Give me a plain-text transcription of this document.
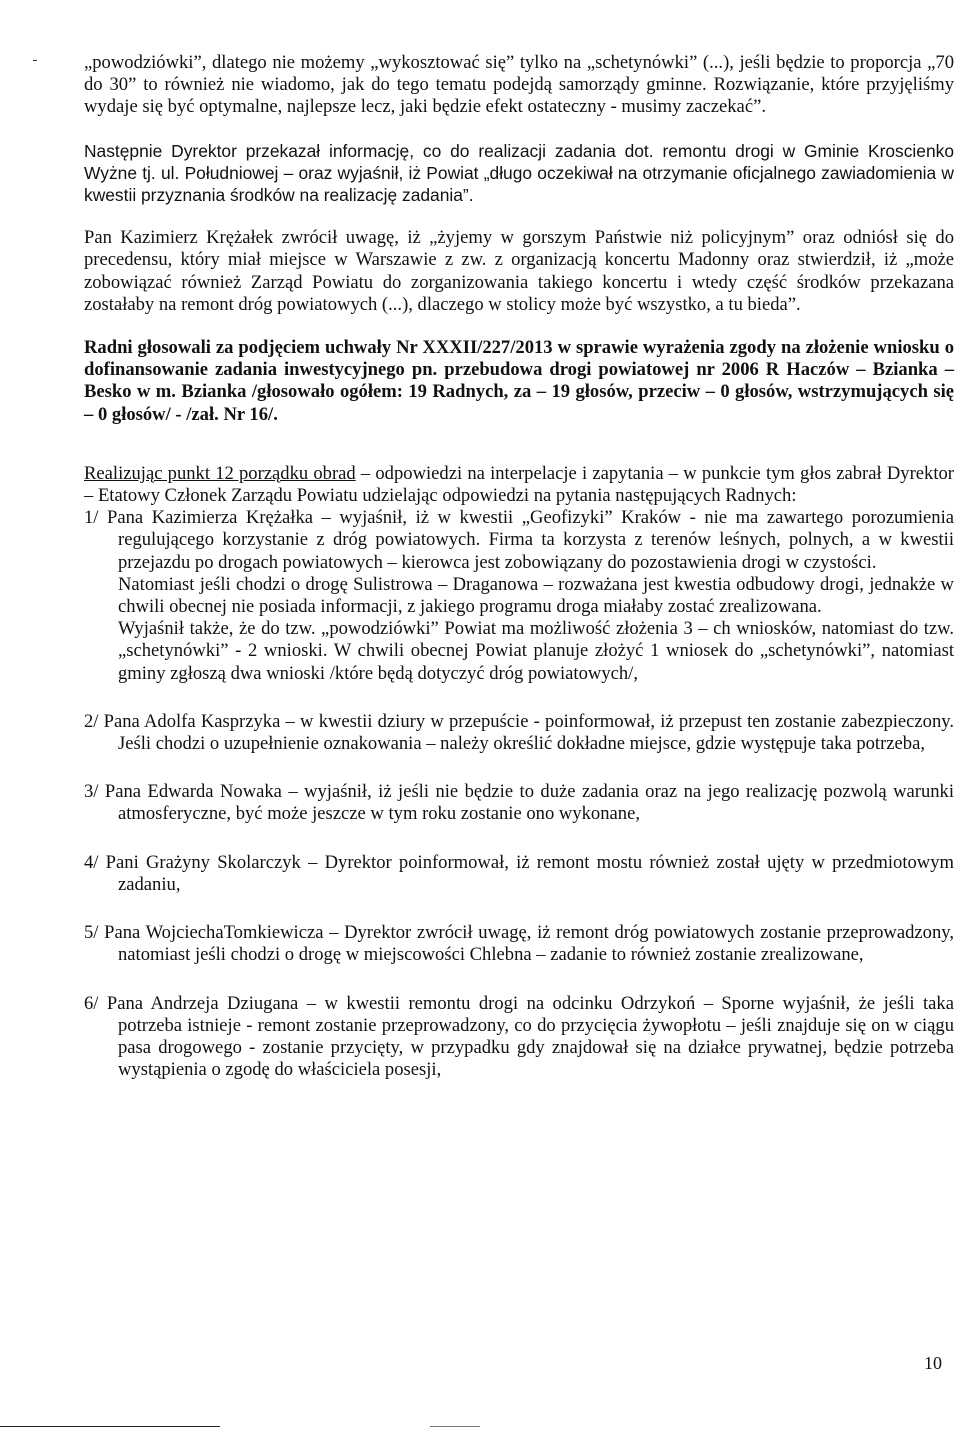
„powodziówki”, dlatego nie możemy „wykosztować się” tylko na „schetynówki” (...), jeśli będzie to proporcja „70 do 30” to również nie wiadomo, jak do tego tematu podejdą samorządy gminne. Rozwiązanie, które przyjęliśmy wydaje się być optymalne, najlepsze lecz, jaki będzie efekt ostateczny - musimy zaczekać”.

Następnie Dyrektor przekazał informację, co do realizacji zadania dot. remontu drogi w Gminie Kroscienko Wyżne tj. ul. Południowej – oraz wyjaśnił, iż Powiat „długo oczekiwał na otrzymanie oficjalnego zawiadomienia w kwestii przyznania środków na realizację zadania”.

Pan Kazimierz Krężałek zwrócił uwagę, iż „żyjemy w gorszym Państwie niż policyjnym” oraz odniósł się do precedensu, który miał miejsce w Warszawie z zw. z organizacją koncertu Madonny oraz stwierdził, iż „może zobowiązać również Zarząd Powiatu do zorganizowania takiego koncertu i wtedy część środków przekazana zostałaby na remont dróg powiatowych (...), dlaczego w stolicy może być wszystko, a tu bieda”.

Radni głosowali za podjęciem uchwały Nr XXXII/227/2013 w sprawie wyrażenia zgody na złożenie wniosku o dofinansowanie zadania inwestycyjnego pn. przebudowa drogi powiatowej nr 2006 R Haczów – Bzianka – Besko w m. Bzianka /głosowało ogółem: 19 Radnych, za – 19 głosów, przeciw – 0 głosów, wstrzymujących się – 0 głosów/ - /zał. Nr 16/.

Realizując punkt 12 porządku obrad – odpowiedzi na interpelacje i zapytania – w punkcie tym głos zabrał Dyrektor – Etatowy Członek Zarządu Powiatu udzielając odpowiedzi na pytania następujących Radnych:

1/ Pana Kazimierza Krężałka – wyjaśnił, iż w kwestii „Geofizyki” Kraków - nie ma zawartego porozumienia regulującego korzystanie z dróg powiatowych. Firma ta korzysta z terenów leśnych, polnych, a w kwestii przejazdu po drogach powiatowych – kierowca jest zobowiązany do pozostawienia drogi w czystości.

Natomiast jeśli chodzi o drogę Sulistrowa – Draganowa – rozważana jest kwestia odbudowy drogi, jednakże w chwili obecnej nie posiada informacji, z jakiego programu droga miałaby zostać zrealizowana.

Wyjaśnił także, że do tzw. „powodziówki” Powiat ma możliwość złożenia 3 – ch wniosków, natomiast do tzw. „schetynówki” - 2 wnioski. W chwili obecnej Powiat planuje złożyć 1 wniosek do „schetynówki”, natomiast gminy zgłoszą dwa wnioski /które będą dotyczyć dróg powiatowych/,

2/ Pana Adolfa Kasprzyka – w kwestii dziury w przepuście - poinformował, iż przepust ten zostanie zabezpieczony. Jeśli chodzi o uzupełnienie oznakowania – należy określić dokładne miejsce, gdzie występuje taka potrzeba,

3/ Pana Edwarda Nowaka – wyjaśnił, iż jeśli nie będzie to duże zadania oraz na jego realizację pozwolą warunki atmosferyczne, być może jeszcze w tym roku zostanie ono wykonane,

4/ Pani Grażyny Skolarczyk – Dyrektor poinformował, iż remont mostu również został ujęty w przedmiotowym zadaniu,

5/ Pana WojciechaTomkiewicza – Dyrektor zwrócił uwagę, iż remont dróg powiatowych zostanie przeprowadzony, natomiast jeśli chodzi o drogę w miejscowości Chlebna – zadanie to również zostanie zrealizowane,

6/ Pana Andrzeja Dziugana – w kwestii remontu drogi na odcinku Odrzykoń – Sporne wyjaśnił, że jeśli taka potrzeba istnieje - remont zostanie przeprowadzony, co do przycięcia żywopłotu – jeśli znajduje się on w ciągu pasa drogowego - zostanie przycięty, w przypadku gdy znajdował się na działce prywatnej, będzie potrzeba wystąpienia o zgodę do właściciela posesji,

10
